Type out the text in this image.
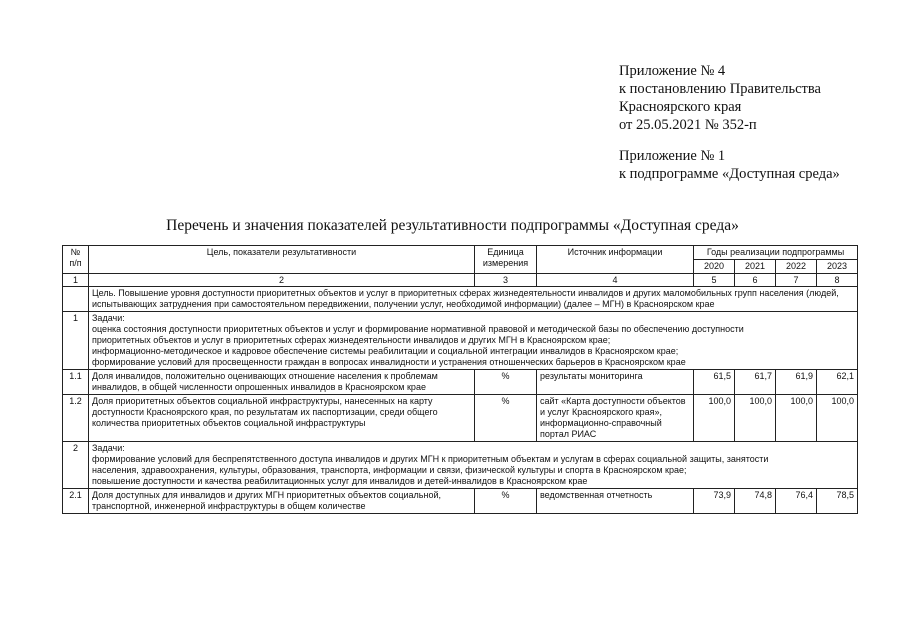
Приложение № 4
к постановлению Правительства
Красноярского края
от 25.05.2021 № 352-п
Приложение № 1
к подпрограмме «Доступная среда»
Перечень и значения показателей результативности подпрограммы «Доступная среда»
№ п/п	Цель, показатели результативности	Единица измерения	Источник информации	Годы реализации подпрограммы			
				2020	2021	2022	2023
1	2	3	4	5	6	7	8
	Цель. Повышение уровня доступности приоритетных объектов и услуг в приоритетных сферах жизнедеятельности инвалидов и других маломобильных групп населения (людей, испытывающих затруднения при самостоятельном передвижении, получении услуг, необходимой информации) (далее – МГН) в Красноярском крае						
1	Задачи:
оценка состояния доступности приоритетных объектов и услуг и формирование нормативной правовой и методической базы по обеспечению доступности
приоритетных объектов и услуг в приоритетных сферах жизнедеятельности инвалидов и других МГН в Красноярском крае;
информационно-методическое и кадровое обеспечение системы реабилитации и социальной интеграции инвалидов в Красноярском крае;
формирование условий для просвещенности граждан в вопросах инвалидности и устранения отношенческих барьеров в Красноярском крае						

1.1	Доля инвалидов, положительно оценивающих отношение населения к проблемам инвалидов, в общей численности опрошенных инвалидов в Красноярском крае	%	результаты мониторинга	61,5	61,7	61,9	62,1
1.2	Доля приоритетных объектов социальной инфраструктуры, нанесенных на карту доступности Красноярского края, по результатам их паспортизации, среди общего количества приоритетных объектов социальной инфраструктуры	%	сайт «Карта доступности объектов и услуг Красноярского края», информационно-справочный портал РИАС	100,0	100,0	100,0	100,0
2	Задачи:
формирование условий для беспрепятственного доступа инвалидов и других МГН к приоритетным объектам и услугам в сферах социальной защиты, занятости
населения, здравоохранения, культуры, образования, транспорта, информации и связи, физической культуры и спорта в Красноярском крае;
повышение доступности и качества реабилитационных услуг для инвалидов и детей-инвалидов в Красноярском крае						

2.1	Доля доступных для инвалидов и других МГН приоритетных объектов социальной, транспортной, инженерной инфраструктуры в общем количестве	%	ведомственная отчетность	73,9	74,8	76,4	78,5
